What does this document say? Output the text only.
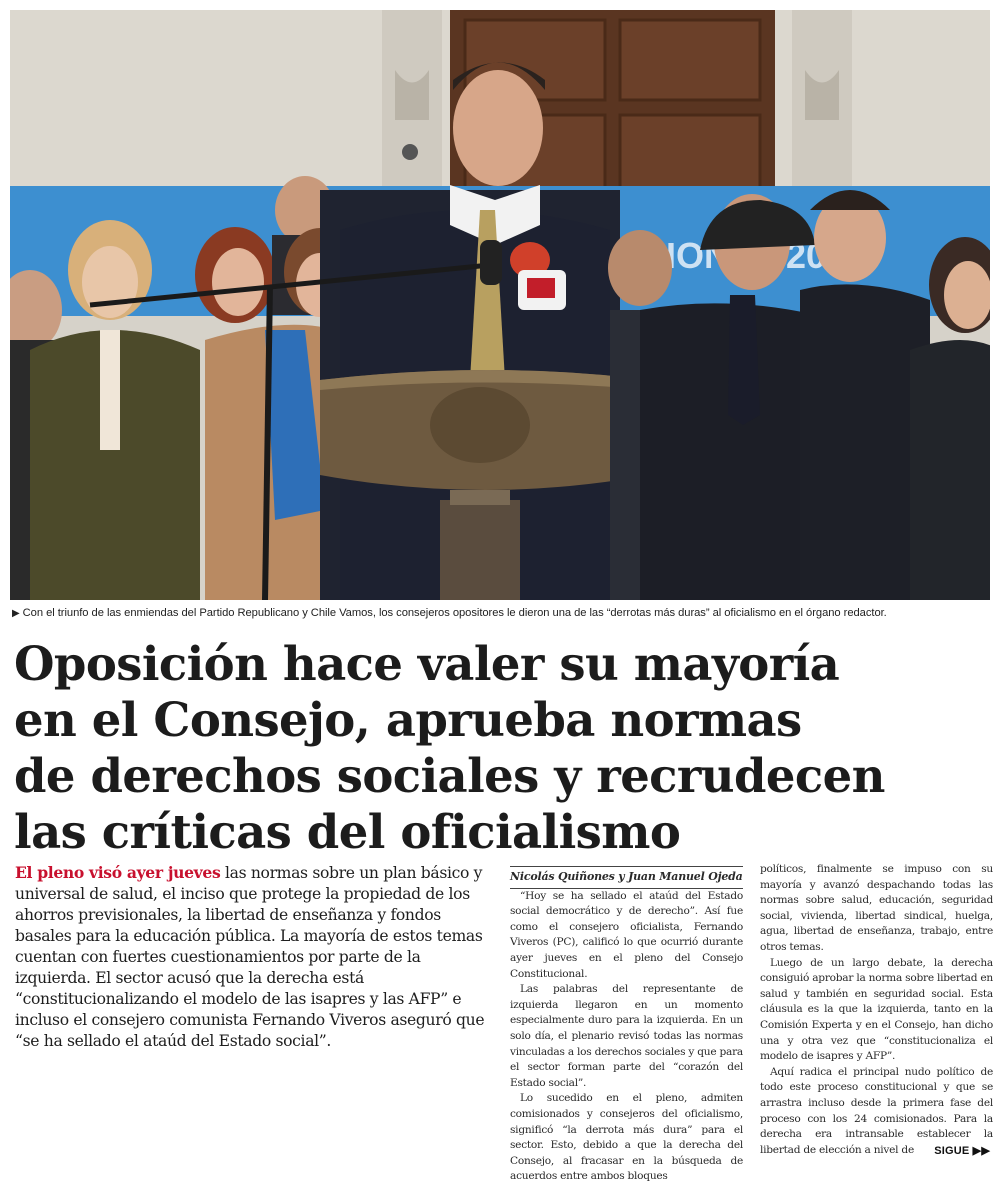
▶ Con el triunfo de las enmiendas del Partido Republicano y Chile Vamos, los consejeros opositores le dieron una de las “derrotas más duras” al oficialismo en el órgano redactor.
Oposición hace valer su mayoría
en el Consejo, aprueba normas
de derechos sociales y recrudecen
las críticas del oficialismo
El pleno visó ayer jueves las normas sobre un plan básico y universal de salud, el inciso que protege la propiedad de los ahorros previsionales, la libertad de enseñanza y fondos basales para la educación pública. La mayoría de estos temas cuentan con fuertes cuestionamientos por parte de la izquierda. El sector acusó que la derecha está “constitucionalizando el modelo de las isapres y las AFP” e incluso el consejero comunista Fernando Viveros aseguró que “se ha sellado el ataúd del Estado social”.

Nicolás Quiñones y Juan Manuel Ojeda

“Hoy se ha sellado el ataúd del Estado social democrático y de derecho”. Así fue como el consejero oficialista, Fernando Viveros (PC), calificó lo que ocurrió durante ayer jueves en el pleno del Consejo Constitucional.

Las palabras del representante de izquierda llegaron en un momento especialmente duro para la izquierda. En un solo día, el plenario revisó todas las normas vinculadas a los derechos sociales y que para el sector forman parte del “corazón del Estado social”.

Lo sucedido en el pleno, admiten comisionados y consejeros del oficialismo, significó “la derrota más dura” para el sector. Esto, debido a que la derecha del Consejo, al fracasar en la búsqueda de acuerdos entre ambos bloques

políticos, finalmente se impuso con su mayoría y avanzó despachando todas las normas sobre salud, educación, seguridad social, vivienda, libertad sindical, huelga, agua, libertad de enseñanza, trabajo, entre otros temas.

Luego de un largo debate, la derecha consiguió aprobar la norma sobre libertad en salud y también en seguridad social. Esta cláusula es la que la izquierda, tanto en la Comisión Experta y en el Consejo, han dicho una y otra vez que “constitucionaliza el modelo de isapres y AFP”.

Aquí radica el principal nudo político de todo este proceso constitucional y que se arrastra incluso desde la primera fase del proceso con los 24 comisionados. Para la derecha era intransable establecer la libertad de elección a nivel de	SIGUE ▶▶
